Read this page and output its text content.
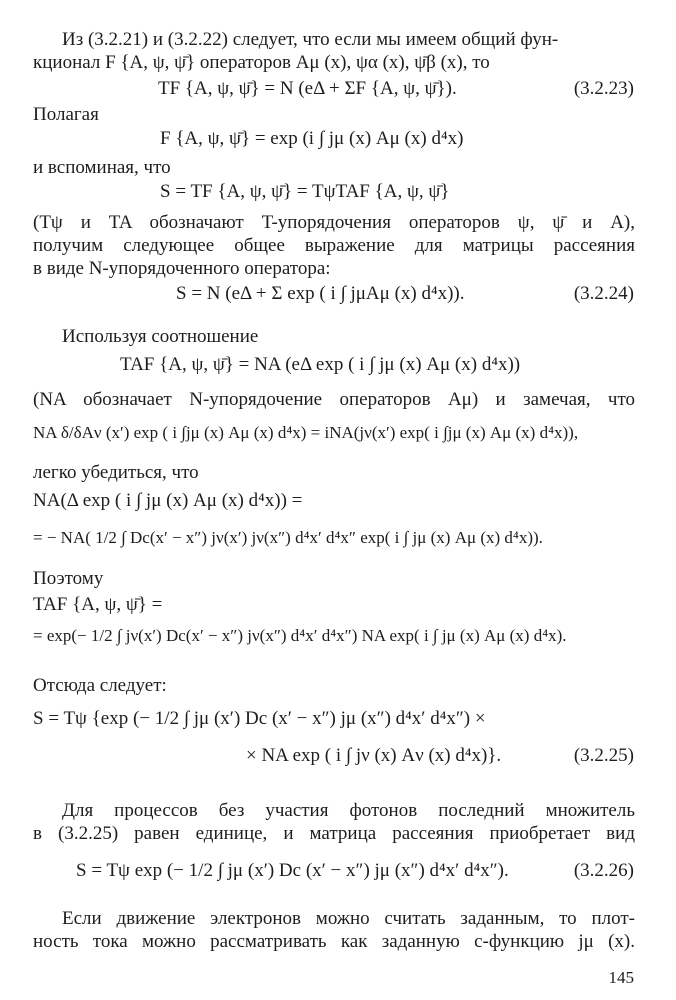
Из (3.2.21) и (3.2.22) следует, что если мы имеем общий фун-
кционал F {A, ψ, ψ̄} операторов Aμ (x), ψα (x), ψ̄β (x), то
TF {A, ψ, ψ̄} = N (eΔ + ΣF {A, ψ, ψ̄}).	(3.2.23)
Полагая
F {A, ψ, ψ̄} = exp (i ∫ jμ (x) Aμ (x) d⁴x)
и вспоминая, что
S = TF {A, ψ, ψ̄} = TψTAF {A, ψ, ψ̄}
(Tψ и TA обозначают T-упорядочения операторов ψ, ψ̄ и A),
получим следующее общее выражение для матрицы рассеяния
в виде N-упорядоченного оператора:
S = N (eΔ + Σ exp ( i ∫ jμAμ (x) d⁴x)).	(3.2.24)
Используя соотношение
TAF {A, ψ, ψ̄} = NA (eΔ exp ( i ∫ jμ (x) Aμ (x) d⁴x))
(NA обозначает N-упорядочение операторов Aμ) и замечая, что
NA δ/δAν (x′) exp ( i ∫jμ (x) Aμ (x) d⁴x) = iNA(jν(x′) exp( i ∫jμ (x) Aμ (x) d⁴x)),
легко убедиться, что
NA(Δ exp ( i ∫ jμ (x) Aμ (x) d⁴x)) =
= − NA( 1/2 ∫ Dc(x′ − x″) jν(x′) jν(x″) d⁴x′ d⁴x″ exp( i ∫ jμ (x) Aμ (x) d⁴x)).
Поэтому
TAF {A, ψ, ψ̄} =
= exp(− 1/2 ∫ jν(x′) Dc(x′ − x″) jν(x″) d⁴x′ d⁴x″) NA exp( i ∫ jμ (x) Aμ (x) d⁴x).
Отсюда следует:
S = Tψ {exp (− 1/2 ∫ jμ (x′) Dc (x′ − x″) jμ (x″) d⁴x′ d⁴x″) ×
× NA exp ( i ∫ jν (x) Aν (x) d⁴x)}.	(3.2.25)
Для процессов без участия фотонов последний множитель
в (3.2.25) равен единице, и матрица рассеяния приобретает вид
S = Tψ exp (− 1/2 ∫ jμ (x′) Dc (x′ − x″) jμ (x″) d⁴x′ d⁴x″).	(3.2.26)
Если движение электронов можно считать заданным, то плот-
ность тока можно рассматривать как заданную c-функцию jμ (x).
145
